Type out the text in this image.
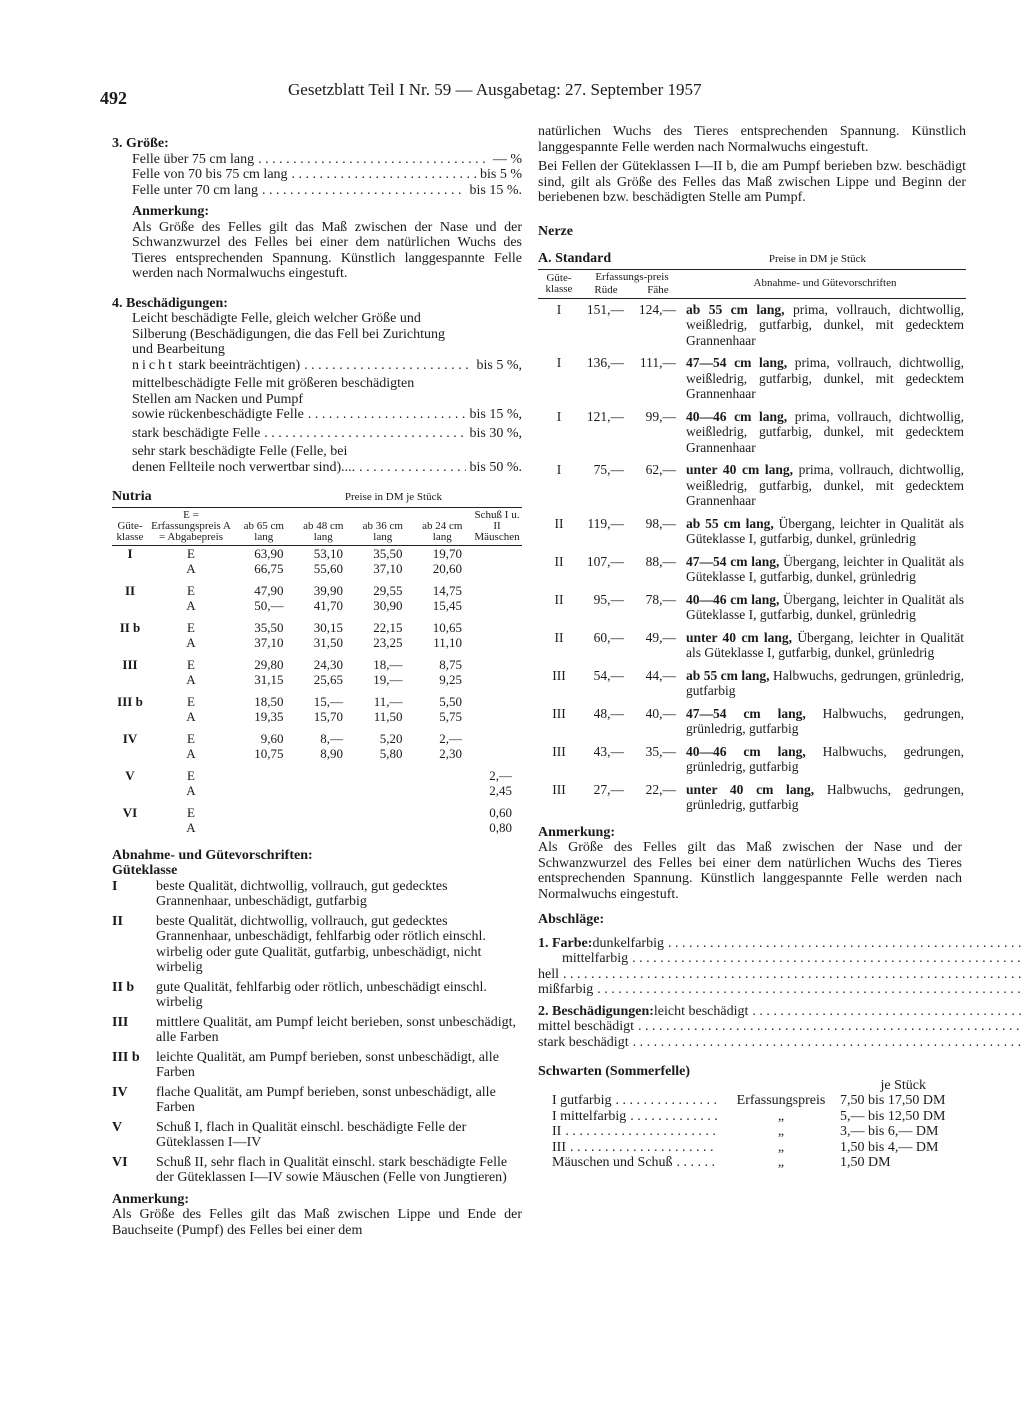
492	Gesetzblatt Teil I Nr. 59 — Ausgabetag: 27. September 1957
3. Größe:
Felle über 75 cm lang . . .	— %
Felle von 70 bis 75 cm lang . . .	bis 5 %
Felle unter 70 cm lang . . .	bis 15 %.
Anmerkung:
Als Größe des Felles gilt das Maß zwischen der Nase und der Schwanzwurzel des Felles bei einer dem natürlichen Wuchs des Tieres entsprechenden Spannung. Künstlich langgespannte Felle werden nach Normalwuchs eingestuft.
4. Beschädigungen:
Leicht beschädigte Felle, gleich welcher Größe und Silberung (Beschädigungen, die das Fell bei Zurichtung und Bearbeitung
nicht stark beeinträchtigen) . . .	bis 5 %,
mittelbeschädigte Felle mit größeren beschädigten Stellen am Nacken und Pumpf
sowie rückenbeschädigte Felle . . .	bis 15 %,
stark beschädigte Felle . . .	bis 30 %,
sehr stark beschädigte Felle (Felle, bei
denen Fellteile noch verwertbar sind).... . . .	bis 50 %.
Nutria	Preise in DM je Stück
Güte-klasse	E = Erfassungspreis A = Abgabepreis	ab 65 cm lang	ab 48 cm lang	ab 36 cm lang	ab 24 cm lang	Schuß I u. II Mäuschen
I	E	63,90	53,10	35,50	19,70	
	A	66,75	55,60	37,10	20,60	
II	E	47,90	39,90	29,55	14,75	
	A	50,—	41,70	30,90	15,45	
II b	E	35,50	30,15	22,15	10,65	
	A	37,10	31,50	23,25	11,10	
III	E	29,80	24,30	18,—	8,75	
	A	31,15	25,65	19,—	9,25	
III b	E	18,50	15,—	11,—	5,50	
	A	19,35	15,70	11,50	5,75	
IV	E	9,60	8,—	5,20	2,—	
	A	10,75	8,90	5,80	2,30	
V	E					2,—
	A					2,45
VI	E					0,60
	A					0,80
Abnahme- und Gütevorschriften:
Güteklasse
I	beste Qualität, dichtwollig, vollrauch, gut gedecktes Grannenhaar, unbeschädigt, gutfarbig
II	beste Qualität, dichtwollig, vollrauch, gut gedecktes Grannenhaar, unbeschädigt, fehlfarbig oder rötlich einschl. wirbelig oder gute Qualität, gutfarbig, unbeschädigt, nicht wirbelig
II b	gute Qualität, fehlfarbig oder rötlich, unbeschädigt einschl. wirbelig
III	mittlere Qualität, am Pumpf leicht berieben, sonst unbeschädigt, alle Farben
III b	leichte Qualität, am Pumpf berieben, sonst unbeschädigt, alle Farben
IV	flache Qualität, am Pumpf berieben, sonst unbeschädigt, alle Farben
V	Schuß I, flach in Qualität einschl. beschädigte Felle der Güteklassen I—IV
VI	Schuß II, sehr flach in Qualität einschl. stark beschädigte Felle der Güteklassen I—IV sowie Mäuschen (Felle von Jungtieren)
Anmerkung:
Als Größe des Felles gilt das Maß zwischen Lippe und Ende der Bauchseite (Pumpf) des Felles bei einer dem
natürlichen Wuchs des Tieres entsprechenden Spannung. Künstlich langgespannte Felle werden nach Normalwuchs eingestuft.
Bei Fellen der Güteklassen I—II b, die am Pumpf berieben bzw. beschädigt sind, gilt als Größe des Felles das Maß zwischen Lippe und Beginn der beriebenen bzw. beschädigten Stelle am Pumpf.
Nerze
A. Standard	Preise in DM je Stück
Güte-klasse	Erfassungs-preis		Abnahme- und Gütevorschriften
	Rüde	Fähe	
I	151,—	124,—	ab 55 cm lang, prima, vollrauch, dichtwollig, weißledrig, gutfarbig, dunkel, mit gedecktem Grannenhaar
I	136,—	111,—	47—54 cm lang, prima, vollrauch, dichtwollig, weißledrig, gutfarbig, dunkel, mit gedecktem Grannenhaar
I	121,—	99,—	40—46 cm lang, prima, vollrauch, dichtwollig, weißledrig, gutfarbig, dunkel, mit gedecktem Grannenhaar
I	75,—	62,—	unter 40 cm lang, prima, vollrauch, dichtwollig, weißledrig, gutfarbig, dunkel, mit gedecktem Grannenhaar
II	119,—	98,—	ab 55 cm lang, Übergang, leichter in Qualität als Güteklasse I, gutfarbig, dunkel, grünledrig
II	107,—	88,—	47—54 cm lang, Übergang, leichter in Qualität als Güteklasse I, gutfarbig, dunkel, grünledrig
II	95,—	78,—	40—46 cm lang, Übergang, leichter in Qualität als Güteklasse I, gutfarbig, dunkel, grünledrig
II	60,—	49,—	unter 40 cm lang, Übergang, leichter in Qualität als Güteklasse I, gutfarbig, dunkel, grünledrig
III	54,—	44,—	ab 55 cm lang, Halbwuchs, gedrungen, grünledrig, gutfarbig
III	48,—	40,—	47—54 cm lang, Halbwuchs, gedrungen, grünledrig, gutfarbig
III	43,—	35,—	40—46 cm lang, Halbwuchs, gedrungen, grünledrig, gutfarbig
III	27,—	22,—	unter 40 cm lang, Halbwuchs, gedrungen, grünledrig, gutfarbig
Anmerkung:
Als Größe des Felles gilt das Maß zwischen der Nase und der Schwanzwurzel des Felles bei einer dem natürlichen Wuchs des Tieres entsprechenden Spannung. Künstlich langgespannte Felle werden nach Normalwuchs eingestuft.
Abschläge:
1. Farbe: dunkelfarbig
. . .
mittelfarbig
. . .
hell
. . .
mißfarbig
. . .
2. Beschädigungen: leicht beschädigt
. . .
mittel beschädigt
. . .
stark beschädigt
. . .
Schwarten (Sommerfelle)
je Stück
I gutfarbig . . .	Erfassungspreis	7,50 bis 17,50 DM
I mittelfarbig . . .	„	5,— bis 12,50 DM
II . . .	„	3,— bis 6,— DM
III . . .	„	1,50 bis 4,— DM
Mäuschen und Schuß . . .	„	1,50 DM
